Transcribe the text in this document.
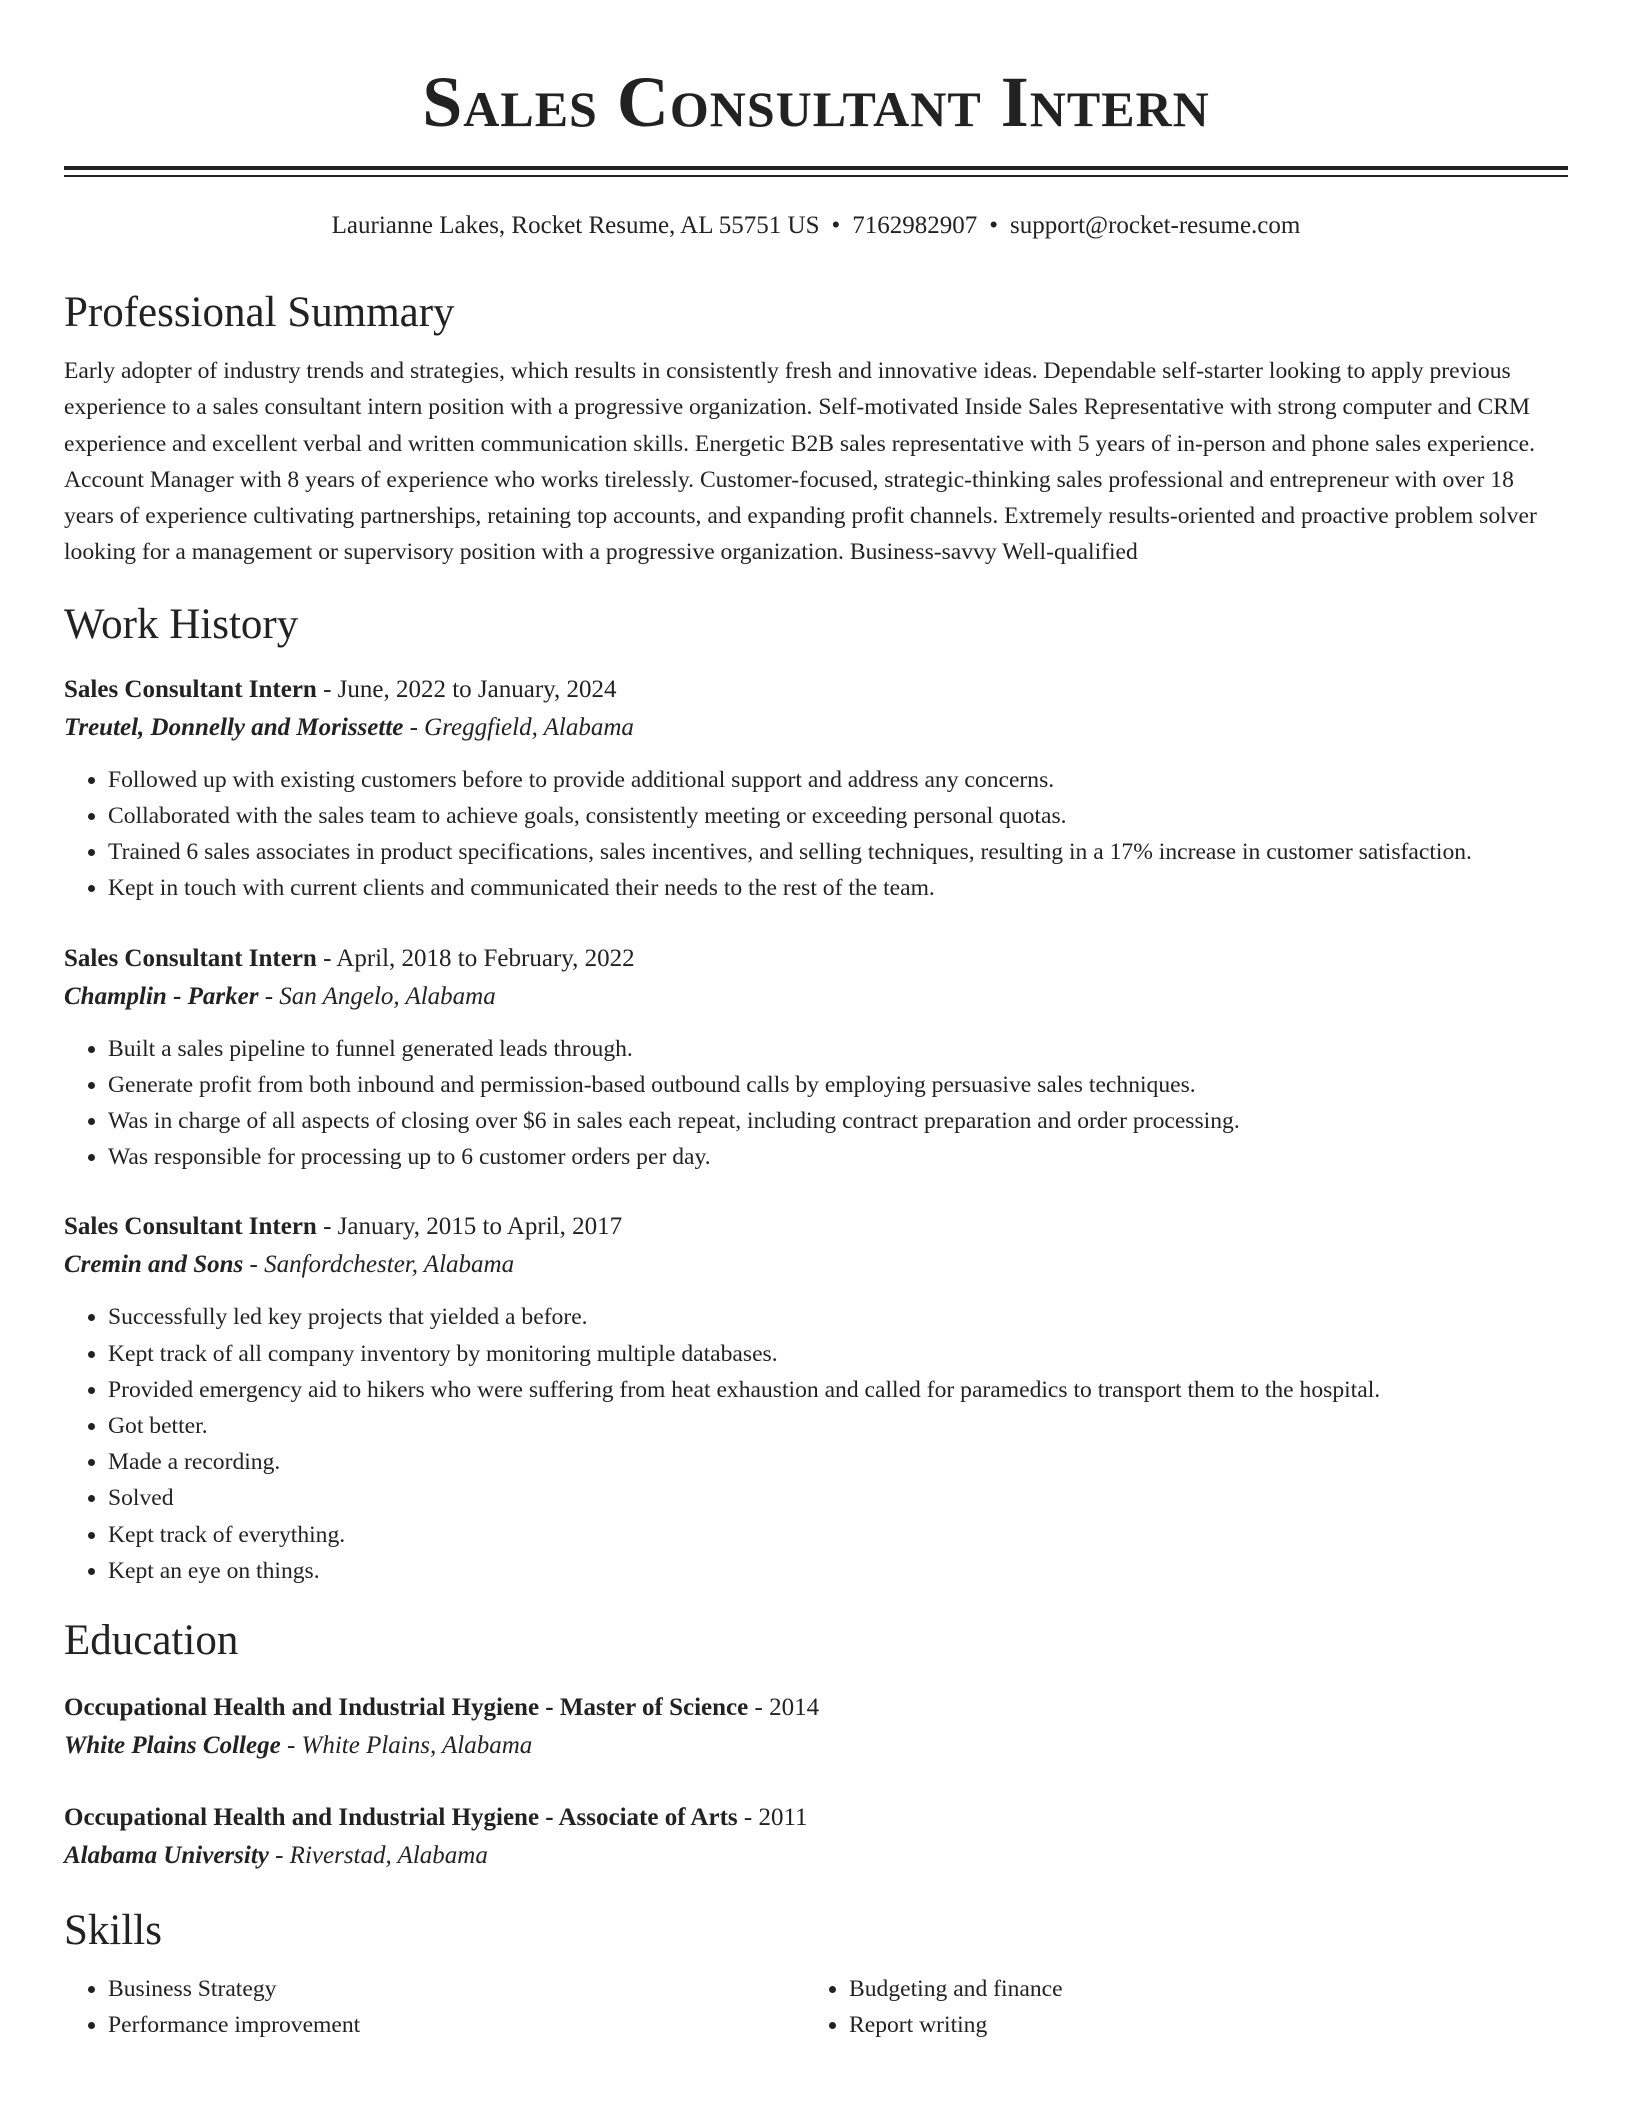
Sales Consultant Intern
Laurianne Lakes, Rocket Resume, AL 55751 US • 7162982907 • support@rocket-resume.com
Professional Summary
Early adopter of industry trends and strategies, which results in consistently fresh and innovative ideas. Dependable self-starter looking to apply previous experience to a sales consultant intern position with a progressive organization. Self-motivated Inside Sales Representative with strong computer and CRM experience and excellent verbal and written communication skills. Energetic B2B sales representative with 5 years of in-person and phone sales experience. Account Manager with 8 years of experience who works tirelessly. Customer-focused, strategic-thinking sales professional and entrepreneur with over 18 years of experience cultivating partnerships, retaining top accounts, and expanding profit channels. Extremely results-oriented and proactive problem solver looking for a management or supervisory position with a progressive organization. Business-savvy Well-qualified
Work History
Sales Consultant Intern - June, 2022 to January, 2024
Treutel, Donnelly and Morissette - Greggfield, Alabama
• Followed up with existing customers before to provide additional support and address any concerns.
• Collaborated with the sales team to achieve goals, consistently meeting or exceeding personal quotas.
• Trained 6 sales associates in product specifications, sales incentives, and selling techniques, resulting in a 17% increase in customer satisfaction.
• Kept in touch with current clients and communicated their needs to the rest of the team.
Sales Consultant Intern - April, 2018 to February, 2022
Champlin - Parker - San Angelo, Alabama
• Built a sales pipeline to funnel generated leads through.
• Generate profit from both inbound and permission-based outbound calls by employing persuasive sales techniques.
• Was in charge of all aspects of closing over $6 in sales each repeat, including contract preparation and order processing.
• Was responsible for processing up to 6 customer orders per day.
Sales Consultant Intern - January, 2015 to April, 2017
Cremin and Sons - Sanfordchester, Alabama
• Successfully led key projects that yielded a before.
• Kept track of all company inventory by monitoring multiple databases.
• Provided emergency aid to hikers who were suffering from heat exhaustion and called for paramedics to transport them to the hospital.
• Got better.
• Made a recording.
• Solved
• Kept track of everything.
• Kept an eye on things.
Education
Occupational Health and Industrial Hygiene - Master of Science - 2014
White Plains College - White Plains, Alabama
Occupational Health and Industrial Hygiene - Associate of Arts - 2011
Alabama University - Riverstad, Alabama
Skills
• Business Strategy
• Performance improvement
• Budgeting and finance
• Report writing
